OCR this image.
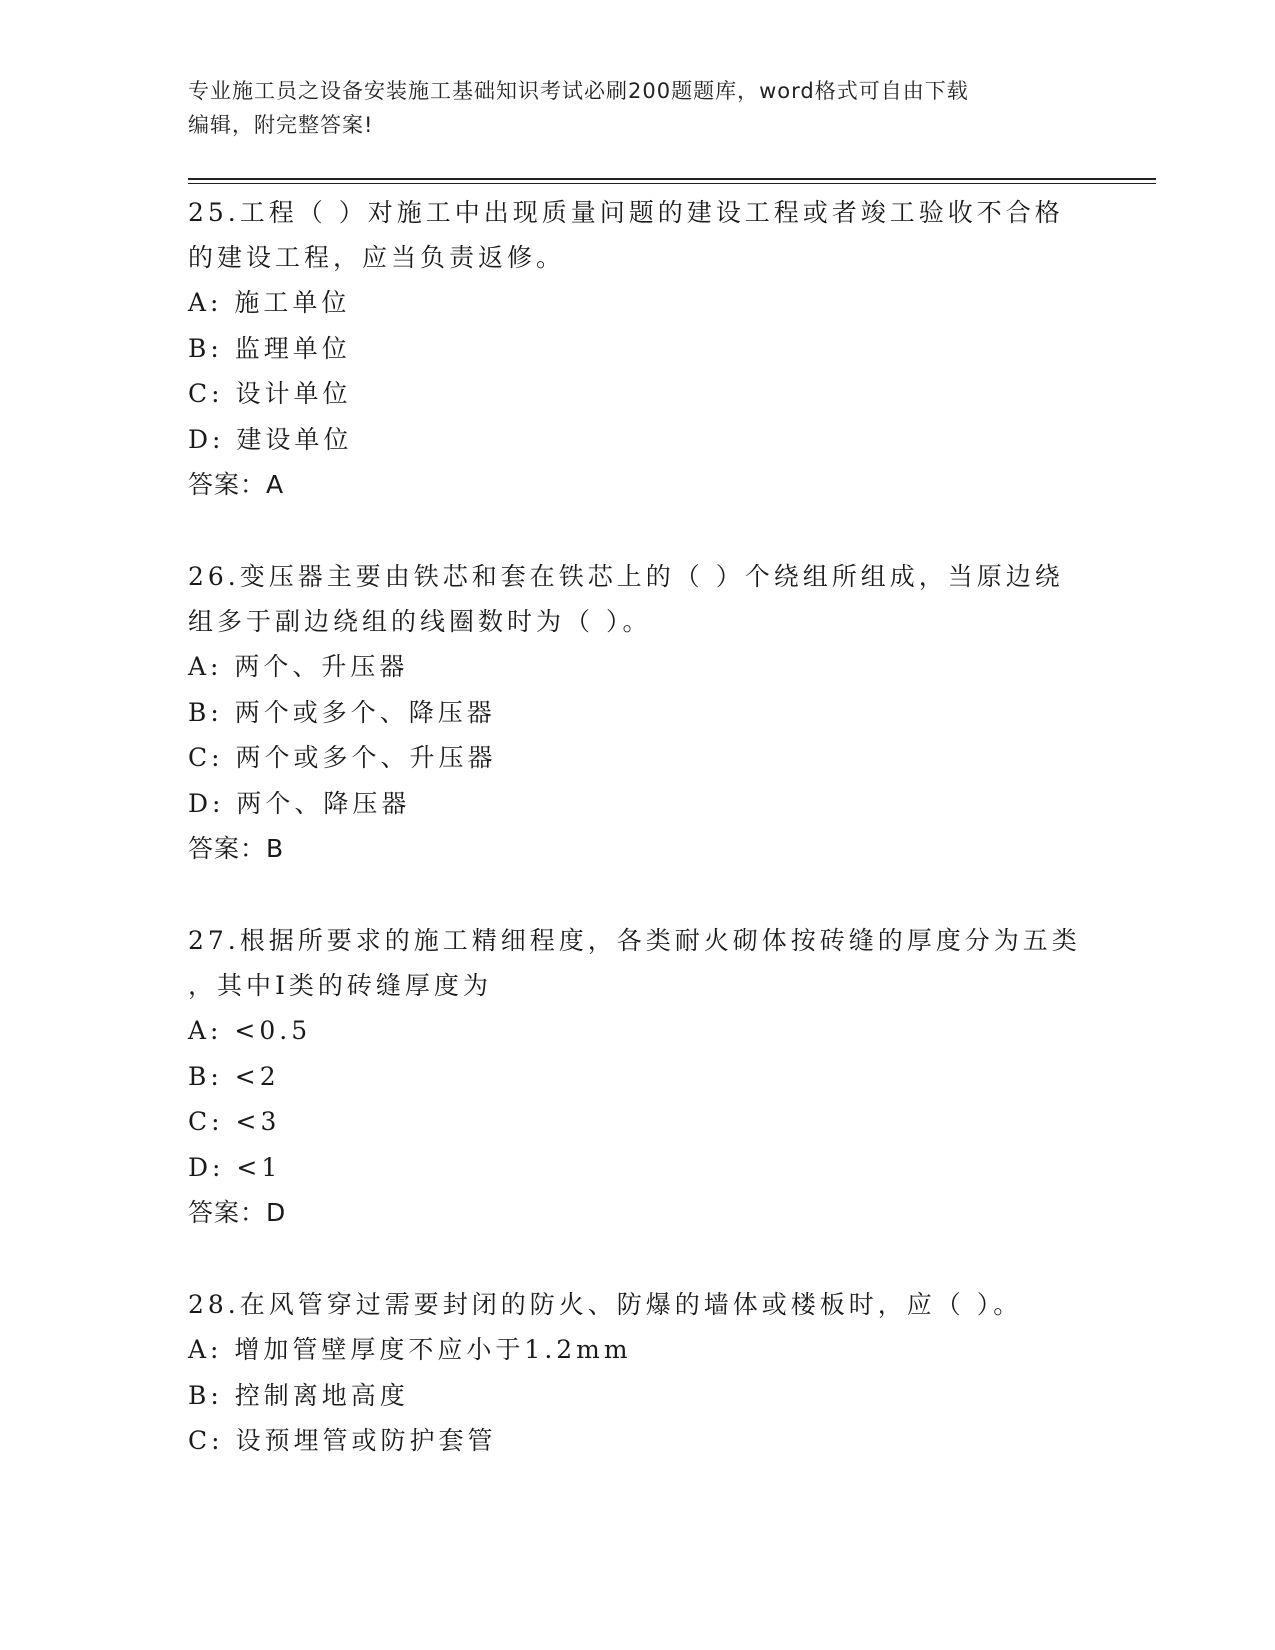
专业施工员之设备安装施工基础知识考试必刷200题题库，word格式可自由下载
编辑，附完整答案!

25.工程（ ）对施工中出现质量问题的建设工程或者竣工验收不合格

的建设工程，应当负责返修。

A: 施工单位

B: 监理单位

C: 设计单位

D: 建设单位

答案：A

26.变压器主要由铁芯和套在铁芯上的（ ）个绕组所组成，当原边绕

组多于副边绕组的线圈数时为（ ）。

A: 两个、升压器

B: 两个或多个、降压器

C: 两个或多个、升压器

D: 两个、降压器

答案：B

27.根据所要求的施工精细程度，各类耐火砌体按砖缝的厚度分为五类

，其中Ⅰ类的砖缝厚度为

A: <0.5

B: <2

C: <3

D: <1

答案：D

28.在风管穿过需要封闭的防火、防爆的墙体或楼板时，应（ ）。

A: 增加管壁厚度不应小于1.2mm

B: 控制离地高度

C: 设预埋管或防护套管
